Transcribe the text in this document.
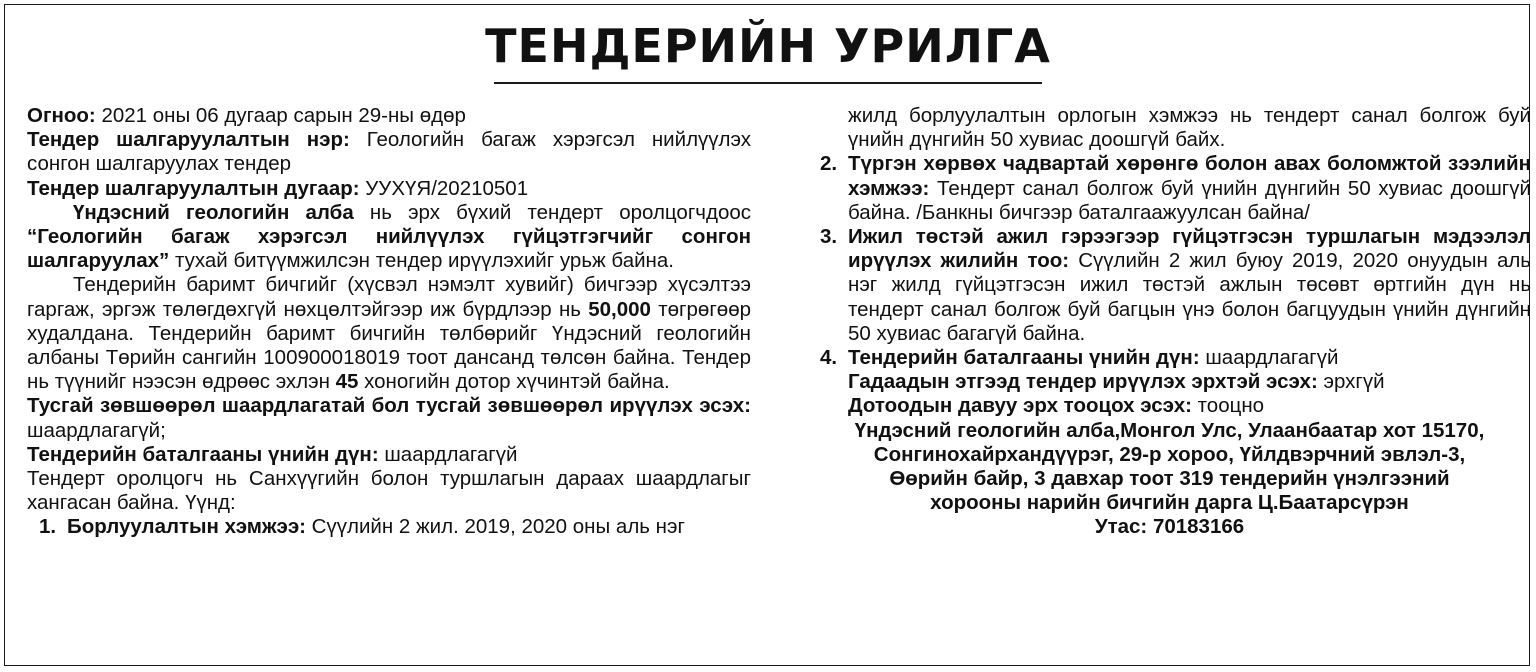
ТЕНДЕРИЙН УРИЛГА

Огноо: 2021 оны 06 дугаар сарын 29-ны өдөр

Тендер шалгаруулалтын нэр: Геологийн багаж хэрэгсэл нийлүүлэх сонгон шалгаруулах тендер

Тендер шалгаруулалтын дугаар: УУХҮЯ/20210501

Үндэсний геологийн алба нь эрх бүхий тендерт оролцогчдоос “Геологийн багаж хэрэгсэл нийлүүлэх гүйцэтгэгчийг сонгон шалгаруулах” тухай битүүмжилсэн тендер ирүүлэхийг урьж байна.

Тендерийн баримт бичгийг (хүсвэл нэмэлт хувийг) бичгээр хүсэлтээ гаргаж, эргэж төлөгдөхгүй нөхцөлтэйгээр иж бүрдлээр нь 50,000 төгрөгөөр худалдана. Тендерийн баримт бичгийн төлбөрийг Үндэсний геологийн албаны Төрийн сангийн 100900018019 тоот дансанд төлсөн байна. Тендер нь түүнийг нээсэн өдрөөс эхлэн 45 хоногийн дотор хүчинтэй байна.

Тусгай зөвшөөрөл шаардлагатай бол тусгай зөвшөөрөл ирүүлэх эсэх: шаардлагагүй;

Тендерийн баталгааны үнийн дүн: шаардлагагүй

Тендерт оролцогч нь Санхүүгийн болон туршлагын дараах шаардлагыг хангасан байна. Үүнд:

1. Борлуулалтын хэмжээ: Сүүлийн 2 жил. 2019, 2020 оны аль нэг

жилд борлуулалтын орлогын хэмжээ нь тендерт санал болгож буй үнийн дүнгийн 50 хувиас доошгүй байх.

2. Түргэн хөрвөх чадвартай хөрөнгө болон авах боломжтой зээлийн хэмжээ: Тендерт санал болгож буй үнийн дүнгийн 50 хувиас доошгүй байна. /Банкны бичгээр баталгаажуулсан байна/

3. Ижил төстэй ажил гэрээгээр гүйцэтгэсэн туршлагын мэдээлэл ирүүлэх жилийн тоо: Сүүлийн 2 жил буюу 2019, 2020 онуудын аль нэг жилд гүйцэтгэсэн ижил төстэй ажлын төсөвт өртгийн дүн нь тендерт санал болгож буй багцын үнэ болон багцуудын үнийн дүнгийн 50 хувиас багагүй байна.

4. Тендерийн баталгааны үнийн дүн: шаардлагагүй

Гадаадын этгээд тендер ирүүлэх эрхтэй эсэх: эрхгүй

Дотоодын давуу эрх тооцох эсэх: тооцно

Үндэсний геологийн алба,Монгол Улс, Улаанбаатар хот 15170,

Сонгинохайрхандүүрэг, 29-р хороо, Үйлдвэрчний эвлэл-3,

Өөрийн байр, 3 давхар тоот 319 тендерийн үнэлгээний

хорооны нарийн бичгийн дарга Ц.Баатарсүрэн

Утас: 70183166
